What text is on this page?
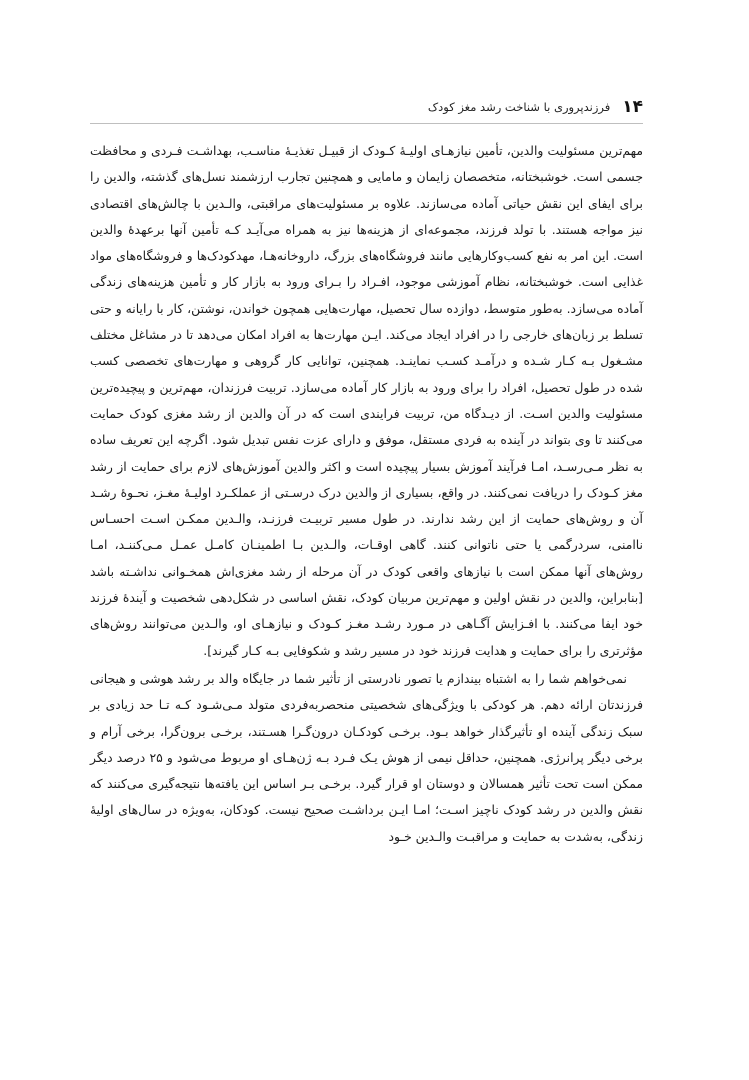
۱۴
فرزندپروری با شناخت رشد مغز کودک

مهم‌ترین مسئولیت والدین، تأمین نیازهـای اولیـهٔ کـودک از قبیـل تغذیـهٔ مناسـب، بهداشـت فـردی و محافظت جسمی است. خوشبختانه، متخصصان زایمان و مامایی و همچنین تجارب ارزشمند نسل‌های گذشته، والدین را برای ایفای این نقش حیاتی آماده می‌سازند. علاوه بر مسئولیت‌های مراقبتی، والـدین با چالش‌های اقتصادی نیز مواجه هستند. با تولد فرزند، مجموعه‌ای از هزینه‌ها نیز به همراه می‌آیـد کـه تأمین آنها برعهدهٔ والدین است. این امر به نفع کسب‌وکارهایی مانند فروشگاه‌های بزرگ، داروخانه‌هـا، مهدکودک‌ها و فروشگاه‌های مواد غذایی است. خوشبختانه، نظام آموزشی موجود، افـراد را بـرای ورود به بازار کار و تأمین هزینه‌های زندگی آماده می‌سازد. به‌طور متوسط، دوازده سال تحصیل، مهارت‌هایی همچون خواندن، نوشتن، کار با رایانه و حتی تسلط بر زبان‌های خارجی را در افراد ایجاد می‌کند. ایـن مهارت‌ها به افراد امکان می‌دهد تا در مشاغل مختلف مشـغول بـه کـار شـده و درآمـد کسـب نماینـد. همچنین، توانایی کار گروهی و مهارت‌های تخصصی کسب شده در طول تحصیل، افراد را برای ورود به بازار کار آماده می‌سازد. تربیت فرزندان، مهم‌ترین و پیچیده‌ترین مسئولیت والدین اسـت. از دیـدگاه من، تربیت فرایندی است که در آن والدین از رشد مغزی کودک حمایت می‌کنند تا وی بتواند در آینده به فردی مستقل، موفق و دارای عزت نفس تبدیل شود. اگرچه این تعریف ساده به نظر مـی‌رسـد، امـا فرآیند آموزش بسیار پیچیده است و اکثر والدین آموزش‌های لازم برای حمایت از رشد مغز کـودک را دریافت نمی‌کنند. در واقع، بسیاری از والدین درک درسـتی از عملکـرد اولیـهٔ مغـز، نحـوهٔ رشـد آن و روش‌های حمایت از این رشد ندارند. در طول مسیر تربیـت فرزنـد، والـدین ممکـن اسـت احسـاس ناامنی، سردرگمی یا حتی ناتوانی کنند. گاهی اوقـات، والـدین بـا اطمینـان کامـل عمـل مـی‌کننـد، امـا روش‌های آنها ممکن است با نیازهای واقعی کودک در آن مرحله از رشد مغزی‌اش همخـوانی نداشـته باشد [بنابراین، والدین در نقش اولین و مهم‌ترین مربیان کودک، نقش اساسی در شکل‌دهی شخصیت و آیندهٔ فرزند خود ایفا می‌کنند. با افـزایش آگـاهی در مـورد رشـد مغـز کـودک و نیازهـای او، والـدین می‌توانند روش‌های مؤثرتری را برای حمایت و هدایت فرزند خود در مسیر رشد و شکوفایی بـه کـار گیرند].

نمی‌خواهم شما را به اشتباه بیندازم یا تصور نادرستی از تأثیر شما در جایگاه والد بر رشد هوشی و هیجانی فرزندتان ارائه دهم. هر کودکی با ویژگی‌های شخصیتی منحصربه‌فردی متولد مـی‌شـود کـه تـا حد زیادی بر سبک زندگی آینده او تأثیرگذار خواهد بـود. برخـی کودکـان درون‌گـرا هسـتند، برخـی برون‌گرا، برخی آرام و برخی دیگر پرانرژی. همچنین، حداقل نیمی از هوش یـک فـرد بـه ژن‌هـای او مربوط می‌شود و ۲۵ درصد دیگر ممکن است تحت تأثیر همسالان و دوستان او قرار گیرد. برخـی بـر اساس این یافته‌ها نتیجه‌گیری می‌کنند که نقش والدین در رشد کودک ناچیز اسـت؛ امـا ایـن برداشـت صحیح نیست. کودکان، به‌ویژه در سال‌های اولیهٔ زندگی، به‌شدت به حمایت و مراقبـت والـدین خـود
